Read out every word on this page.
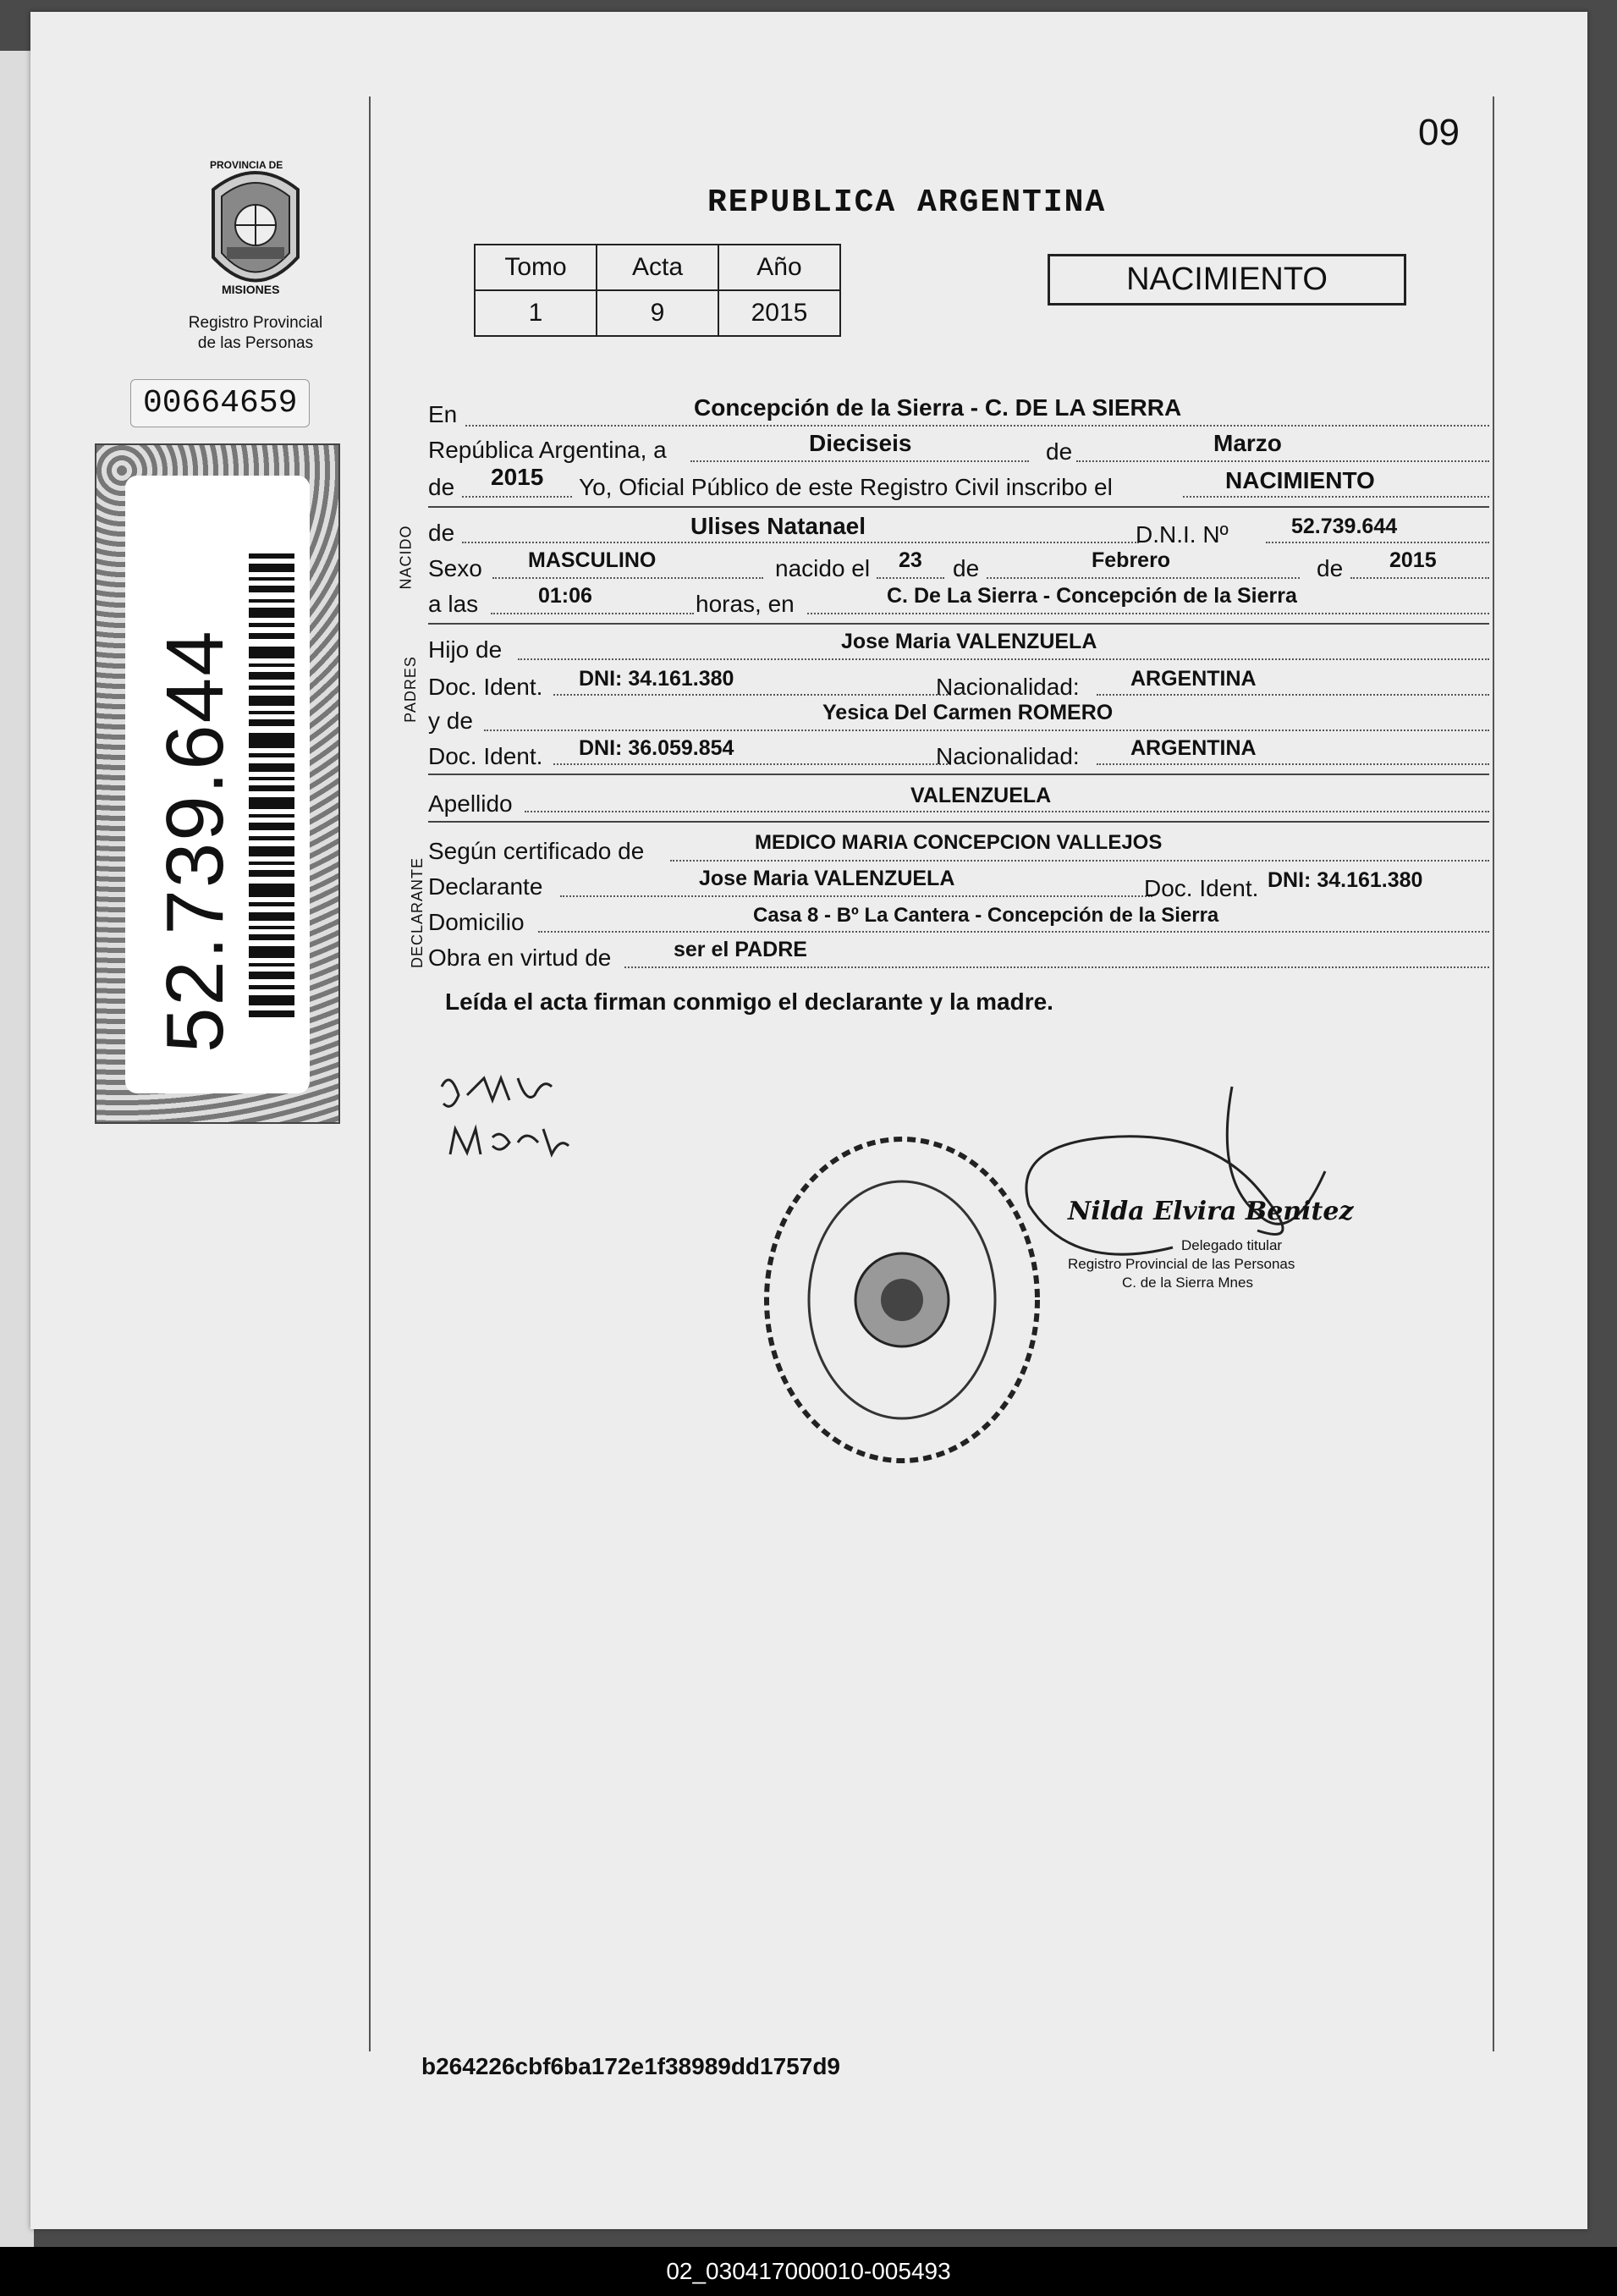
09
PROVINCIA DE
MISIONES
Registro Provincial
de las Personas
00664659
52.739.644
REPUBLICA ARGENTINA
Tomo	Acta	Año
1	9	2015
NACIMIENTO
En	Concepción de la Sierra - C. DE LA SIERRA
República Argentina, a	Dieciseis	de	Marzo
de 2015 Yo, Oficial Público de este Registro Civil inscribo el	NACIMIENTO
NACIDO de	Ulises Natanael	D.N.I. Nº	52.739.644
Sexo MASCULINO	nacido el 23 de	Febrero	de 2015
a las	01:06	horas, en	C. De La Sierra - Concepción de la Sierra
PADRES
Hijo de	Jose Maria VALENZUELA
Doc. Ident. DNI: 34.161.380	Nacionalidad: ARGENTINA
y de	Yesica Del Carmen ROMERO
Doc. Ident. DNI: 36.059.854	Nacionalidad: ARGENTINA
Apellido	VALENZUELA
DECLARANTE
Según certificado de	MEDICO MARIA CONCEPCION VALLEJOS
Declarante	Jose Maria VALENZUELA	Doc. Ident. DNI: 34.161.380
Domicilio	Casa 8 - Bº La Cantera - Concepción de la Sierra
Obra en virtud de	ser el PADRE
Leída el acta firman conmigo el declarante y la madre.
Nilda Elvira Benitez
Delegado titular
Registro Provincial de las Personas
C. de la Sierra Mnes
b264226cbf6ba172e1f38989dd1757d9
02_030417000010-005493
